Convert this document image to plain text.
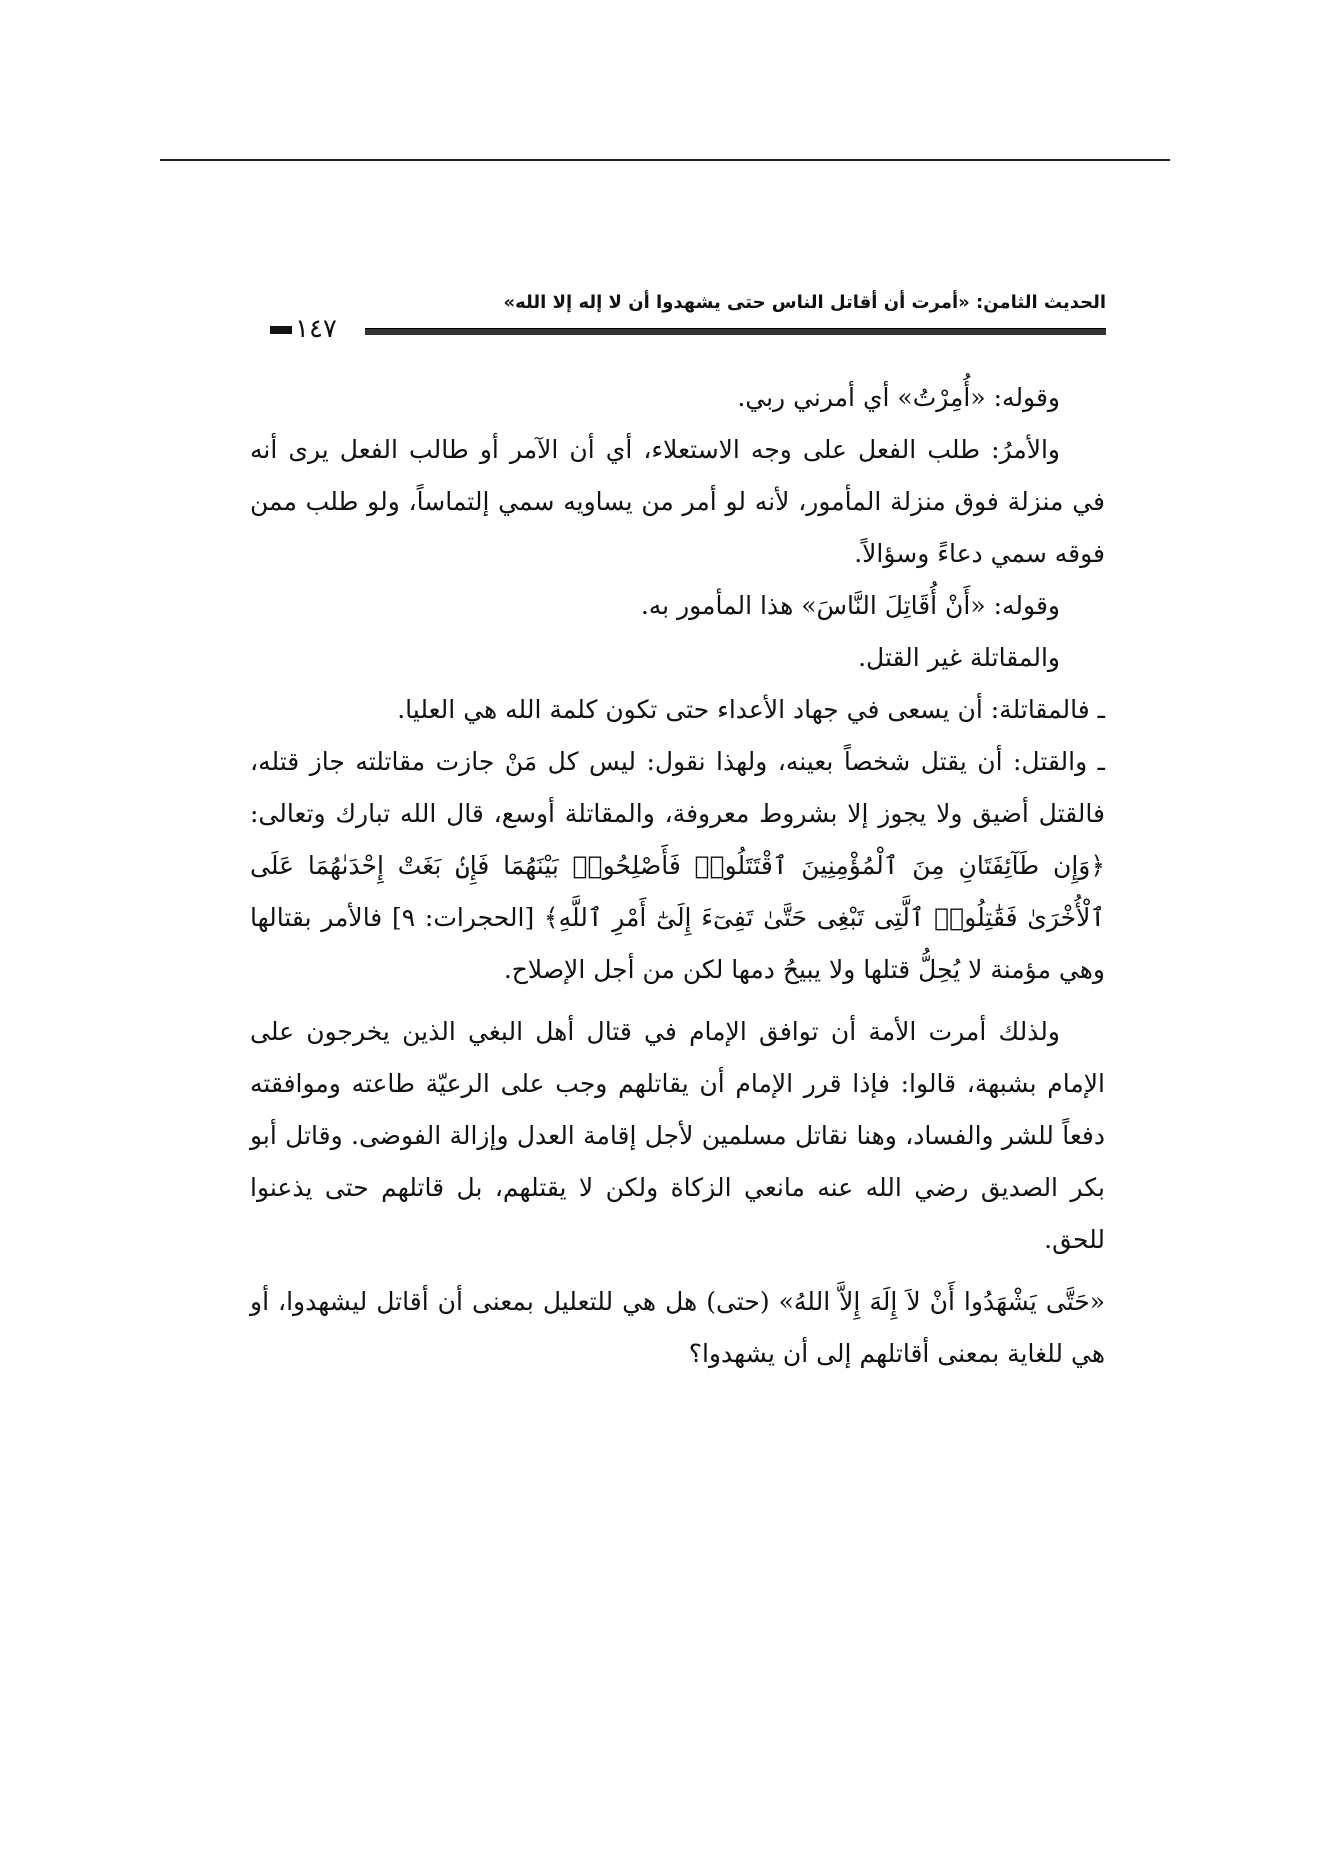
الحديث الثامن: «أمرت أن أقاتل الناس حتى يشهدوا أن لا إله إلا الله»
١٤٧

وقوله: «أُمِرْتُ» أي أمرني ربي.

والأمرُ: طلب الفعل على وجه الاستعلاء، أي أن الآمر أو طالب الفعل يرى أنه في منزلة فوق منزلة المأمور، لأنه لو أمر من يساويه سمي إلتماساً، ولو طلب ممن فوقه سمي دعاءً وسؤالاً.

وقوله: «أَنْ أُقَاتِلَ النَّاسَ» هذا المأمور به.

والمقاتلة غير القتل.

ـ فالمقاتلة: أن يسعى في جهاد الأعداء حتى تكون كلمة الله هي العليا.

ـ والقتل: أن يقتل شخصاً بعينه، ولهذا نقول: ليس كل مَنْ جازت مقاتلته جاز قتله، فالقتل أضيق ولا يجوز إلا بشروط معروفة، والمقاتلة أوسع، قال الله تبارك وتعالى: ﴿وَإِن طَآئِفَتَانِ مِنَ ٱلْمُؤْمِنِينَ ٱقْتَتَلُوا۟ فَأَصْلِحُوا۟ بَيْنَهُمَا فَإِنۢ بَغَتْ إِحْدَىٰهُمَا عَلَى ٱلْأُخْرَىٰ فَقَٰتِلُوا۟ ٱلَّتِى تَبْغِى حَتَّىٰ تَفِىٓءَ إِلَىٰٓ أَمْرِ ٱللَّهِ﴾ [الحجرات: ٩] فالأمر بقتالها وهي مؤمنة لا يُحِلُّ قتلها ولا يبيحُ دمها لكن من أجل الإصلاح.

ولذلك أمرت الأمة أن توافق الإمام في قتال أهل البغي الذين يخرجون على الإمام بشبهة، قالوا: فإذا قرر الإمام أن يقاتلهم وجب على الرعيّة طاعته وموافقته دفعاً للشر والفساد، وهنا نقاتل مسلمين لأجل إقامة العدل وإزالة الفوضى. وقاتل أبو بكر الصديق رضي الله عنه مانعي الزكاة ولكن لا يقتلهم، بل قاتلهم حتى يذعنوا للحق.

«حَتَّى يَشْهَدُوا أَنْ لاَ إِلَهَ إِلاَّ اللهُ» (حتى) هل هي للتعليل بمعنى أن أقاتل ليشهدوا، أو هي للغاية بمعنى أقاتلهم إلى أن يشهدوا؟
